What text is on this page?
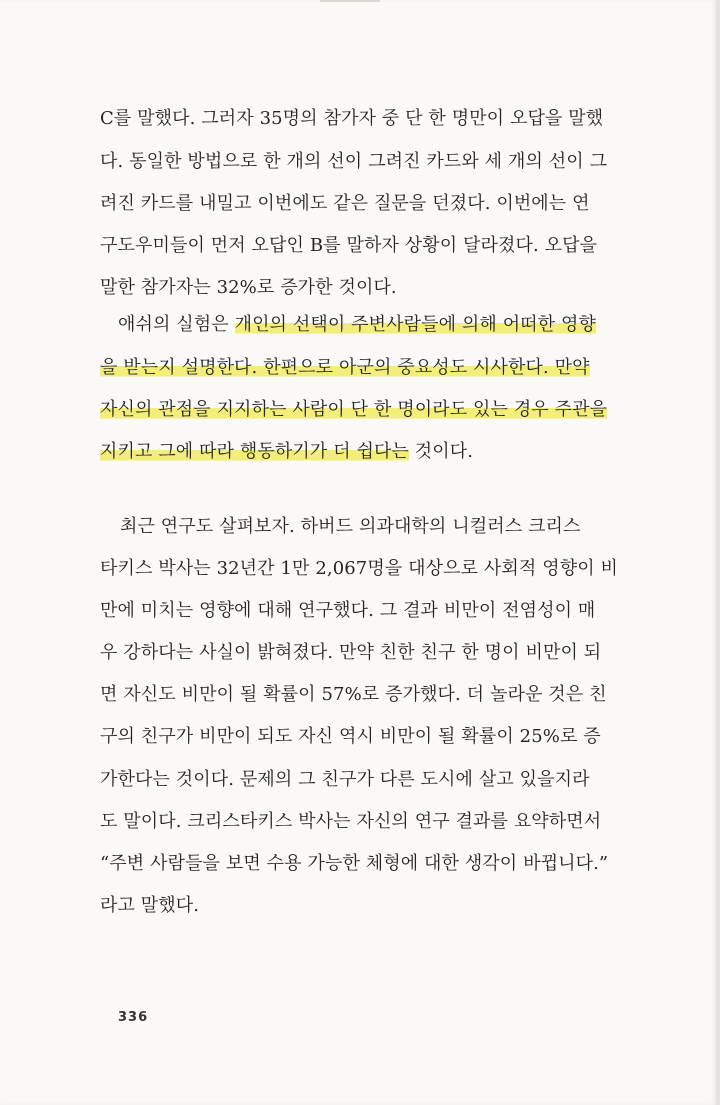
C를 말했다. 그러자 35명의 참가자 중 단 한 명만이 오답을 말했
다. 동일한 방법으로 한 개의 선이 그려진 카드와 세 개의 선이 그
려진 카드를 내밀고 이번에도 같은 질문을 던졌다. 이번에는 연
구도우미들이 먼저 오답인 B를 말하자 상황이 달라졌다. 오답을
말한 참가자는 32%로 증가한 것이다.
애쉬의 실험은 개인의 선택이 주변사람들에 의해 어떠한 영향
을 받는지 설명한다. 한편으로 아군의 중요성도 시사한다. 만약
자신의 관점을 지지하는 사람이 단 한 명이라도 있는 경우 주관을
지키고 그에 따라 행동하기가 더 쉽다는 것이다.
최근 연구도 살펴보자. 하버드 의과대학의 니컬러스 크리스
타키스 박사는 32년간 1만 2,067명을 대상으로 사회적 영향이 비
만에 미치는 영향에 대해 연구했다. 그 결과 비만이 전염성이 매
우 강하다는 사실이 밝혀졌다. 만약 친한 친구 한 명이 비만이 되
면 자신도 비만이 될 확률이 57%로 증가했다. 더 놀라운 것은 친
구의 친구가 비만이 되도 자신 역시 비만이 될 확률이 25%로 증
가한다는 것이다. 문제의 그 친구가 다른 도시에 살고 있을지라
도 말이다. 크리스타키스 박사는 자신의 연구 결과를 요약하면서
“주변 사람들을 보면 수용 가능한 체형에 대한 생각이 바뀝니다.”
라고 말했다.
336
